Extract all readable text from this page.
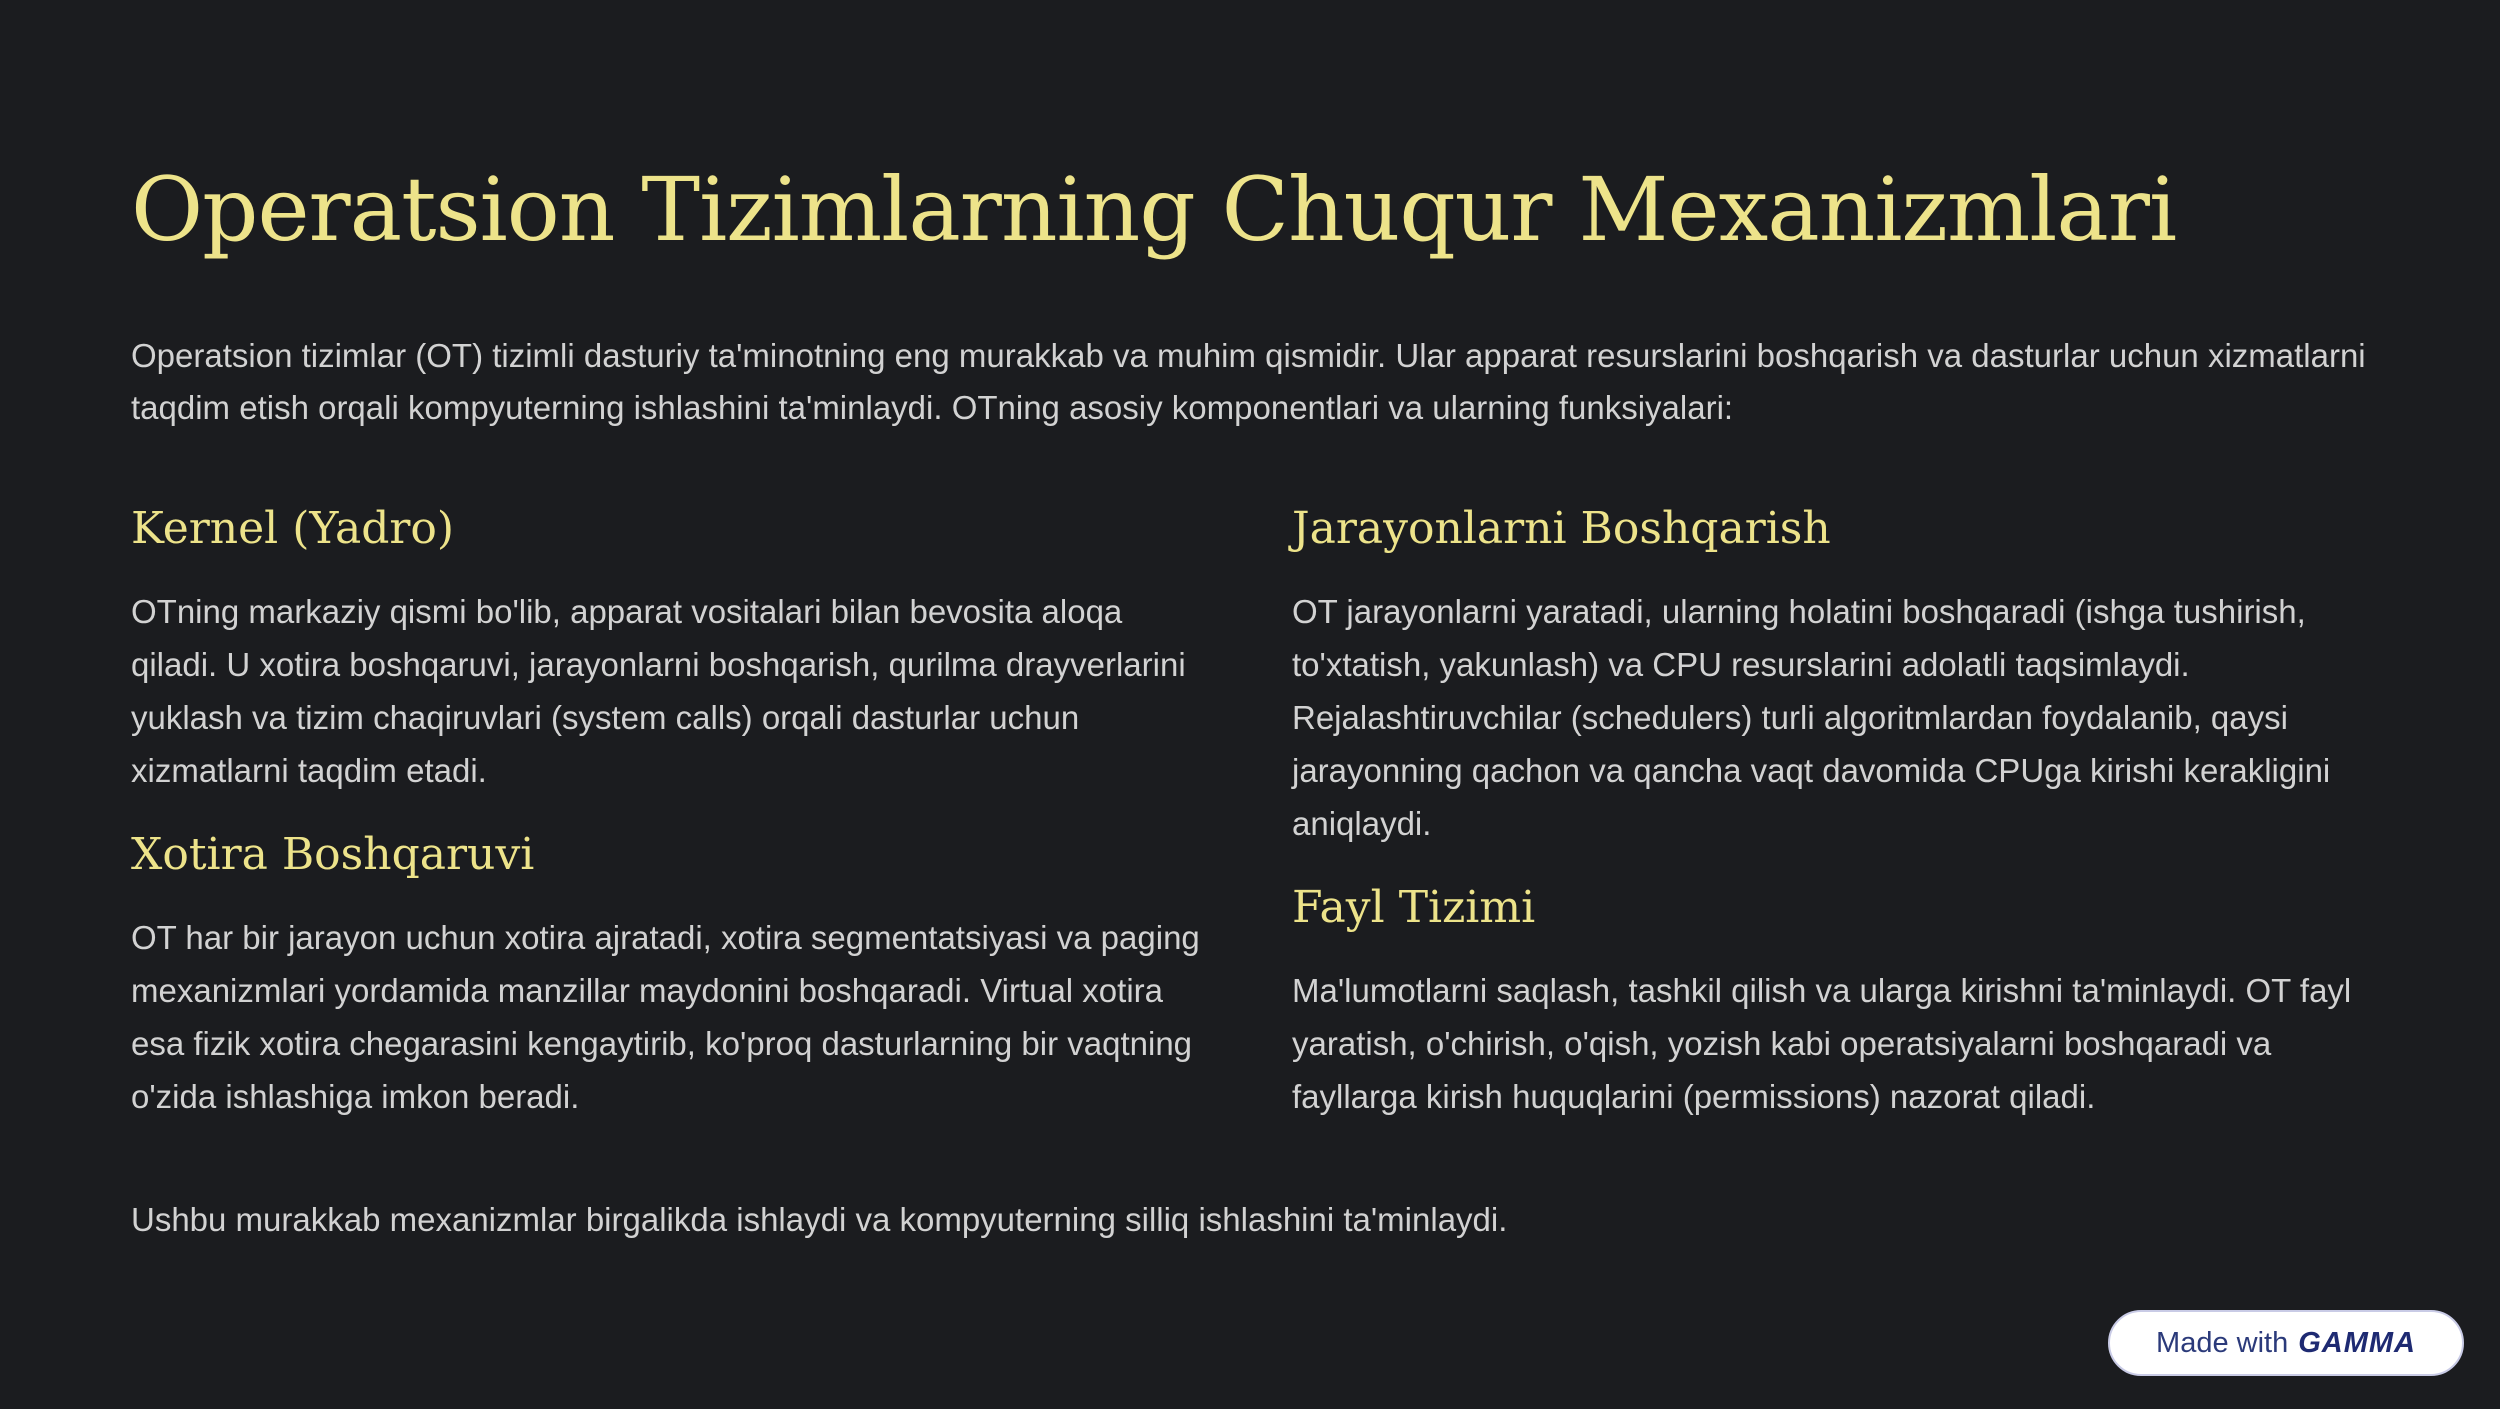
Operatsion Tizimlarning Chuqur Mexanizmlari

Operatsion tizimlar (OT) tizimli dasturiy ta'minotning eng murakkab va muhim qismidir. Ular apparat resurslarini boshqarish va dasturlar uchun xizmatlarni taqdim etish orqali kompyuterning ishlashini ta'minlaydi. OTning asosiy komponentlari va ularning funksiyalari:

Kernel (Yadro)

OTning markaziy qismi bo'lib, apparat vositalari bilan bevosita aloqa qiladi. U xotira boshqaruvi, jarayonlarni boshqarish, qurilma drayverlarini yuklash va tizim chaqiruvlari (system calls) orqali dasturlar uchun xizmatlarni taqdim etadi.

Xotira Boshqaruvi

OT har bir jarayon uchun xotira ajratadi, xotira segmentatsiyasi va paging mexanizmlari yordamida manzillar maydonini boshqaradi. Virtual xotira esa fizik xotira chegarasini kengaytirib, ko'proq dasturlarning bir vaqtning o'zida ishlashiga imkon beradi.

Jarayonlarni Boshqarish

OT jarayonlarni yaratadi, ularning holatini boshqaradi (ishga tushirish, to'xtatish, yakunlash) va CPU resurslarini adolatli taqsimlaydi. Rejalashtiruvchilar (schedulers) turli algoritmlardan foydalanib, qaysi jarayonning qachon va qancha vaqt davomida CPUga kirishi kerakligini aniqlaydi.

Fayl Tizimi

Ma'lumotlarni saqlash, tashkil qilish va ularga kirishni ta'minlaydi. OT fayl yaratish, o'chirish, o'qish, yozish kabi operatsiyalarni boshqaradi va fayllarga kirish huquqlarini (permissions) nazorat qiladi.

Ushbu murakkab mexanizmlar birgalikda ishlaydi va kompyuterning silliq ishlashini ta'minlaydi.

Made with GAMMA
